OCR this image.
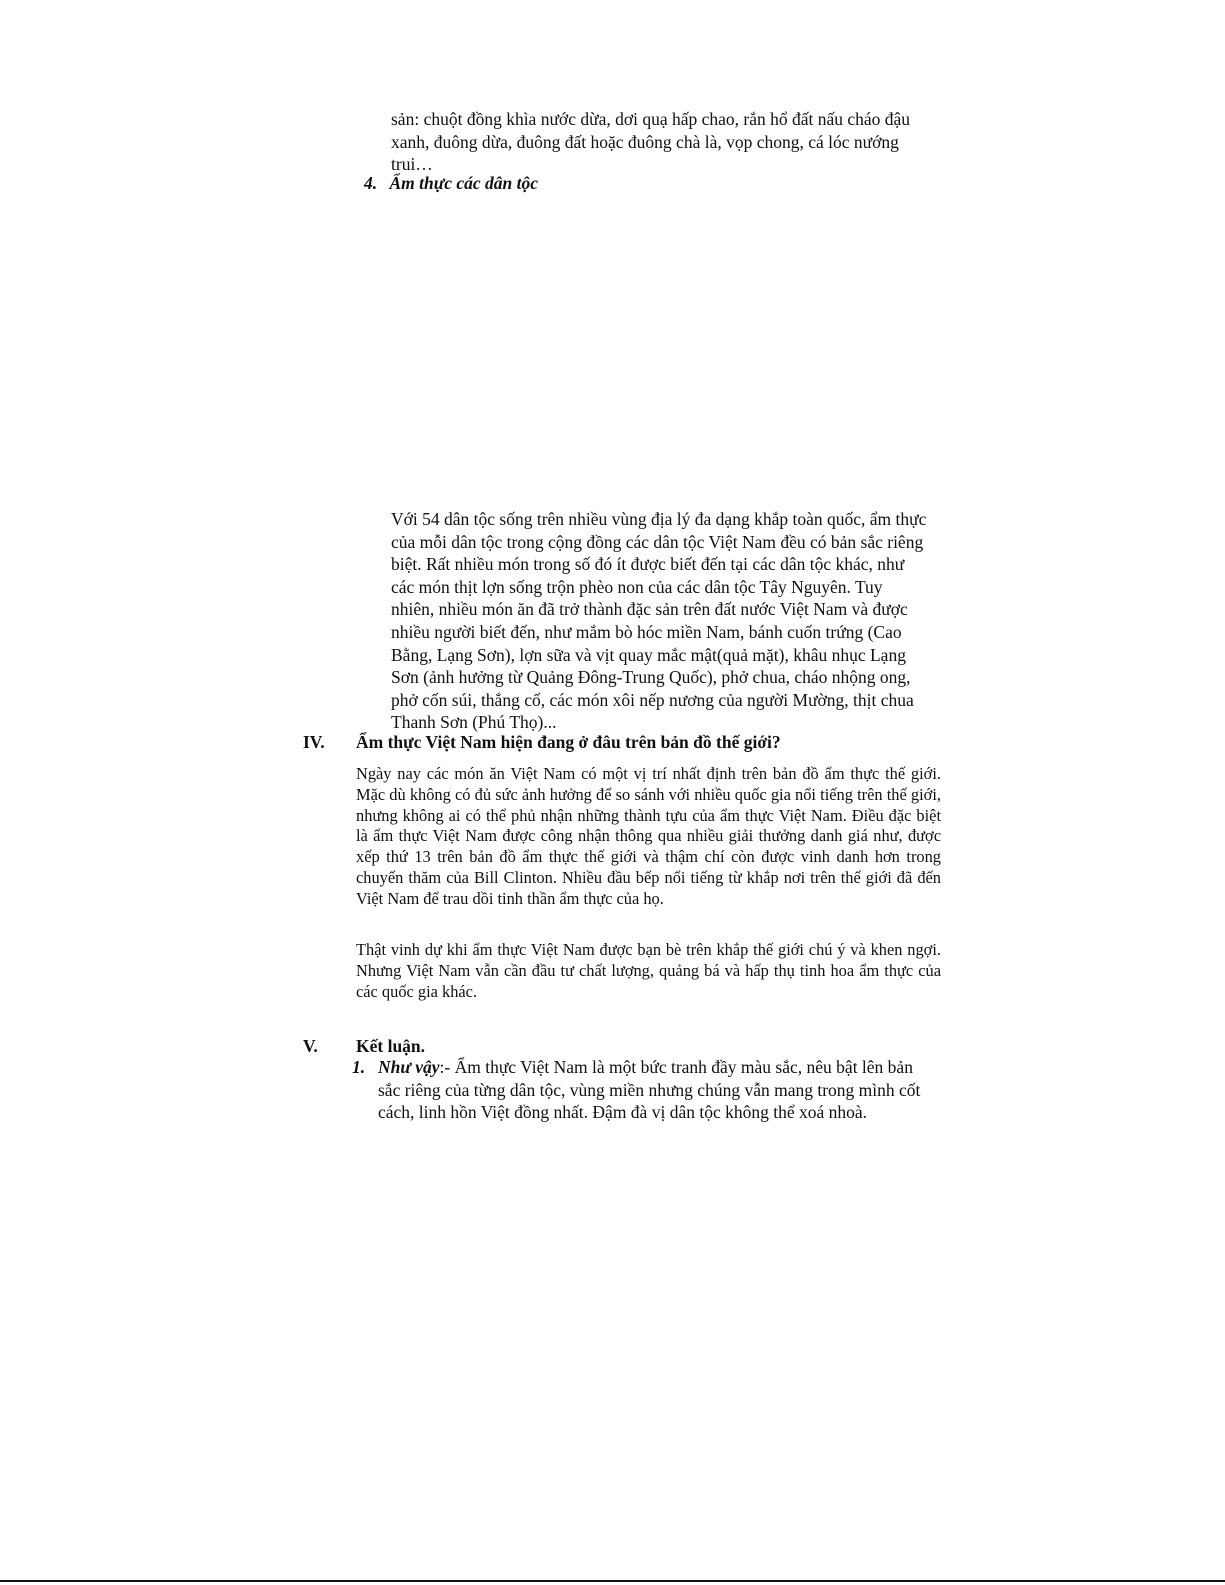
sản: chuột đồng khìa nước dừa, dơi quạ hấp chao, rắn hổ đất nấu cháo đậu

xanh, đuông dừa, đuông đất hoặc đuông chà là, vọp chong, cá lóc nướng

trui…

4. Ẩm thực các dân tộc

Với 54 dân tộc sống trên nhiều vùng địa lý đa dạng khắp toàn quốc, ẩm thực

của mỗi dân tộc trong cộng đồng các dân tộc Việt Nam đều có bản sắc riêng

biệt. Rất nhiều món trong số đó ít được biết đến tại các dân tộc khác, như

các món thịt lợn sống trộn phèo non của các dân tộc Tây Nguyên. Tuy

nhiên, nhiều món ăn đã trở thành đặc sản trên đất nước Việt Nam và được

nhiều người biết đến, như mắm bò hóc miền Nam, bánh cuốn trứng (Cao

Bằng, Lạng Sơn), lợn sữa và vịt quay mắc mật(quả mặt), khâu nhục Lạng

Sơn (ảnh hưởng từ Quảng Đông-Trung Quốc), phở chua, cháo nhộng ong,

phở cốn súi, thắng cố, các món xôi nếp nương của người Mường, thịt chua

Thanh Sơn (Phú Thọ)...

IV. Ẩm thực Việt Nam hiện đang ở đâu trên bản đồ thế giới?
Ngày nay các món ăn Việt Nam có một vị trí nhất định trên bản đồ ẩm thực thế giới. Mặc dù không có đủ sức ảnh hưởng để so sánh với nhiều quốc gia nổi tiếng trên thế giới, nhưng không ai có thể phủ nhận những thành tựu của ẩm thực Việt Nam. Điều đặc biệt là ẩm thực Việt Nam được công nhận thông qua nhiều giải thưởng danh giá như, được xếp thứ 13 trên bản đồ ẩm thực thế giới và thậm chí còn được vinh danh hơn trong chuyến thăm của Bill Clinton. Nhiều đầu bếp nổi tiếng từ khắp nơi trên thế giới đã đến Việt Nam để trau dồi tinh thần ẩm thực của họ.
Thật vinh dự khi ẩm thực Việt Nam được bạn bè trên khắp thế giới chú ý và khen ngợi. Nhưng Việt Nam vẫn cần đầu tư chất lượng, quảng bá và hấp thụ tinh hoa ẩm thực của các quốc gia khác.
V. Kết luận.
1. Như vậy:- Ẩm thực Việt Nam là một bức tranh đầy màu sắc, nêu bật lên bản

sắc riêng của từng dân tộc, vùng miền nhưng chúng vẫn mang trong mình cốt

cách, linh hồn Việt đồng nhất. Đậm đà vị dân tộc không thể xoá nhoà.
